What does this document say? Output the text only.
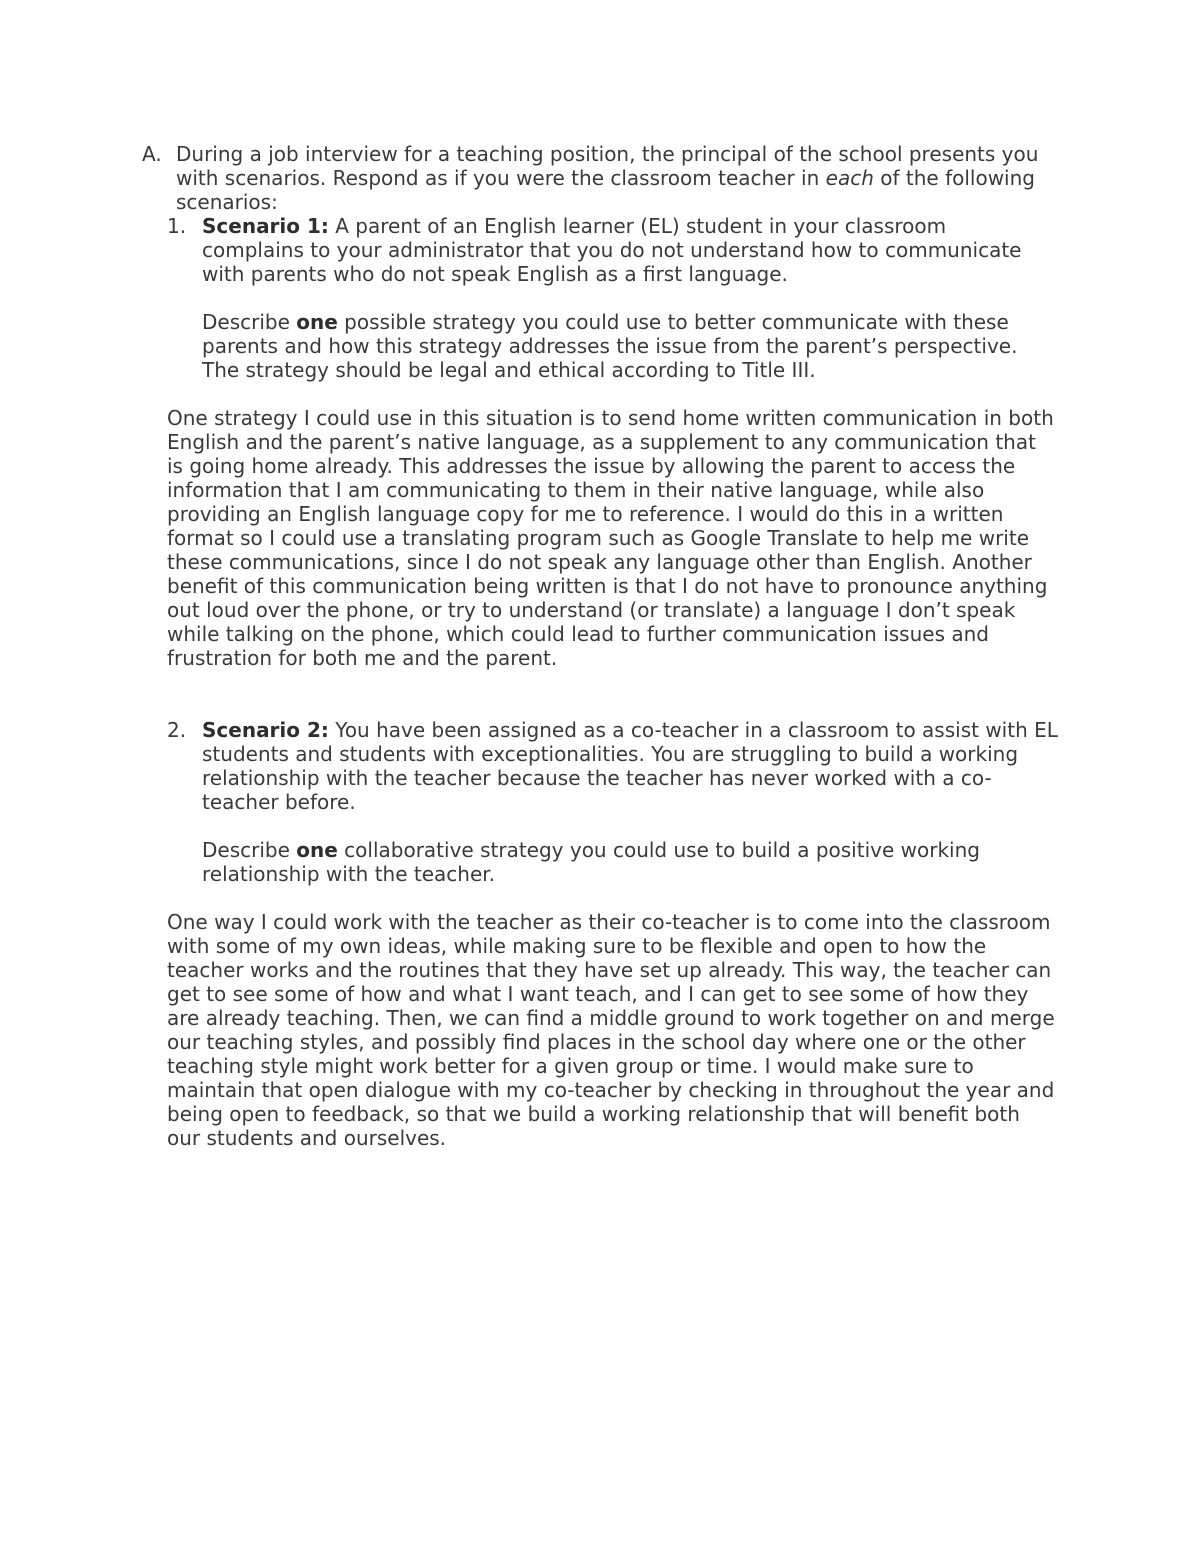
A. During a job interview for a teaching position, the principal of the school presents you with scenarios. Respond as if you were the classroom teacher in each of the following scenarios:
1. Scenario 1: A parent of an English learner (EL) student in your classroom complains to your administrator that you do not understand how to communicate with parents who do not speak English as a first language.

Describe one possible strategy you could use to better communicate with these parents and how this strategy addresses the issue from the parent’s perspective. The strategy should be legal and ethical according to Title III.

One strategy I could use in this situation is to send home written communication in both English and the parent’s native language, as a supplement to any communication that is going home already. This addresses the issue by allowing the parent to access the information that I am communicating to them in their native language, while also providing an English language copy for me to reference. I would do this in a written format so I could use a translating program such as Google Translate to help me write these communications, since I do not speak any language other than English. Another benefit of this communication being written is that I do not have to pronounce anything out loud over the phone, or try to understand (or translate) a language I don’t speak while talking on the phone, which could lead to further communication issues and frustration for both me and the parent.

2. Scenario 2: You have been assigned as a co-teacher in a classroom to assist with EL students and students with exceptionalities. You are struggling to build a working relationship with the teacher because the teacher has never worked with a co-teacher before.

Describe one collaborative strategy you could use to build a positive working relationship with the teacher.

One way I could work with the teacher as their co-teacher is to come into the classroom with some of my own ideas, while making sure to be flexible and open to how the teacher works and the routines that they have set up already. This way, the teacher can get to see some of how and what I want teach, and I can get to see some of how they are already teaching. Then, we can find a middle ground to work together on and merge our teaching styles, and possibly find places in the school day where one or the other teaching style might work better for a given group or time. I would make sure to maintain that open dialogue with my co-teacher by checking in throughout the year and being open to feedback, so that we build a working relationship that will benefit both our students and ourselves.
